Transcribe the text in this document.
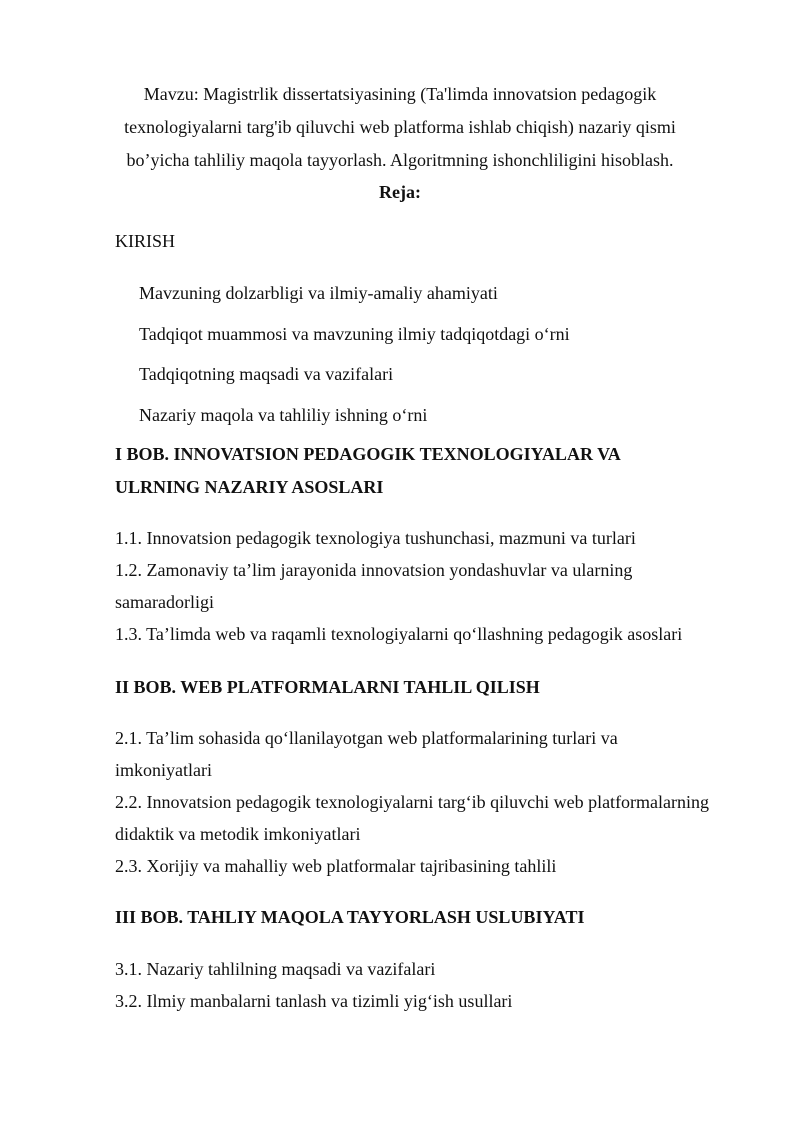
Mavzu: Magistrlik dissertatsiyasining (Ta'limda innovatsion pedagogik
texnologiyalarni targ'ib qiluvchi web platforma ishlab chiqish) nazariy qismi
bo’yicha tahliliy maqola tayyorlash. Algoritmning ishonchliligini hisoblash.
Reja:
KIRISH
Mavzuning dolzarbligi va ilmiy-amaliy ahamiyati
Tadqiqot muammosi va mavzuning ilmiy tadqiqotdagi o‘rni
Tadqiqotning maqsadi va vazifalari
Nazariy maqola va tahliliy ishning o‘rni
I BOB. INNOVATSION PEDAGOGIK TEXNOLOGIYALAR VA
ULRNING NAZARIY ASOSLARI
1.1. Innovatsion pedagogik texnologiya tushunchasi, mazmuni va turlari
1.2. Zamonaviy ta’lim jarayonida innovatsion yondashuvlar va ularning
samaradorligi
1.3. Ta’limda web va raqamli texnologiyalarni qo‘llashning pedagogik asoslari
II BOB. WEB PLATFORMALARNI TAHLIL QILISH
2.1. Ta’lim sohasida qo‘llanilayotgan web platformalarining turlari va
imkoniyatlari
2.2. Innovatsion pedagogik texnologiyalarni targ‘ib qiluvchi web platformalarning
didaktik va metodik imkoniyatlari
2.3. Xorijiy va mahalliy web platformalar tajribasining tahlili
III BOB. TAHLIY MAQOLA TAYYORLASH USLUBIYATI
3.1. Nazariy tahlilning maqsadi va vazifalari
3.2. Ilmiy manbalarni tanlash va tizimli yig‘ish usullari
